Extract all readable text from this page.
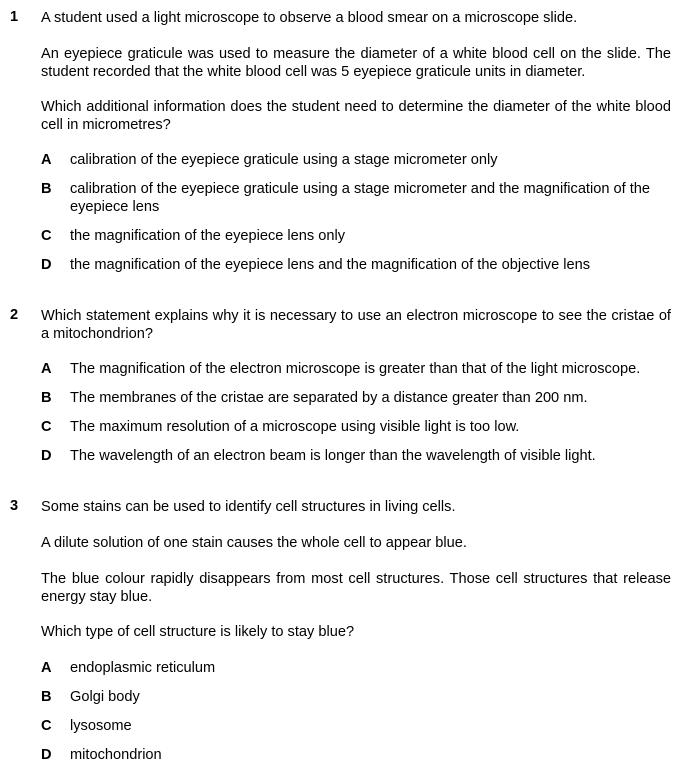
1 A student used a light microscope to observe a blood smear on a microscope slide.
An eyepiece graticule was used to measure the diameter of a white blood cell on the slide. The student recorded that the white blood cell was 5 eyepiece graticule units in diameter.
Which additional information does the student need to determine the diameter of the white blood cell in micrometres?
A calibration of the eyepiece graticule using a stage micrometer only
B calibration of the eyepiece graticule using a stage micrometer and the magnification of the eyepiece lens
C the magnification of the eyepiece lens only
D the magnification of the eyepiece lens and the magnification of the objective lens
2 Which statement explains why it is necessary to use an electron microscope to see the cristae of a mitochondrion?
A The magnification of the electron microscope is greater than that of the light microscope.
B The membranes of the cristae are separated by a distance greater than 200 nm.
C The maximum resolution of a microscope using visible light is too low.
D The wavelength of an electron beam is longer than the wavelength of visible light.
3 Some stains can be used to identify cell structures in living cells.
A dilute solution of one stain causes the whole cell to appear blue.
The blue colour rapidly disappears from most cell structures. Those cell structures that release energy stay blue.
Which type of cell structure is likely to stay blue?
A endoplasmic reticulum
B Golgi body
C lysosome
D mitochondrion
